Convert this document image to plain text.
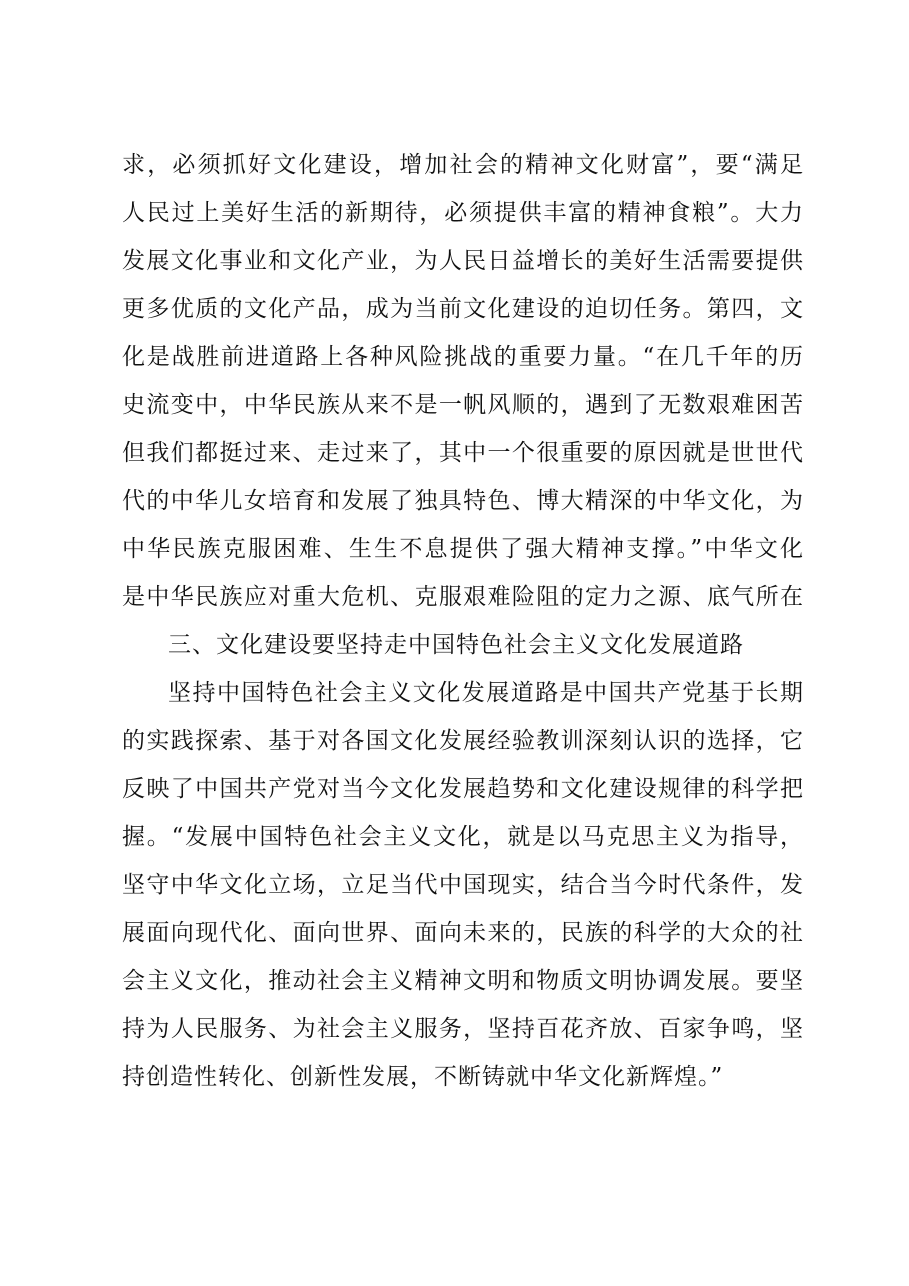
求，必须抓好文化建设，增加社会的精神文化财富”，要“满足
人民过上美好生活的新期待，必须提供丰富的精神食粮”。大力
发展文化事业和文化产业，为人民日益增长的美好生活需要提供
更多优质的文化产品，成为当前文化建设的迫切任务。第四，文
化是战胜前进道路上各种风险挑战的重要力量。“在几千年的历
史流变中，中华民族从来不是一帆风顺的，遇到了无数艰难困苦
但我们都挺过来、走过来了，其中一个很重要的原因就是世世代
代的中华儿女培育和发展了独具特色、博大精深的中华文化，为
中华民族克服困难、生生不息提供了强大精神支撑。”中华文化
是中华民族应对重大危机、克服艰难险阻的定力之源、底气所在
三、文化建设要坚持走中国特色社会主义文化发展道路
坚持中国特色社会主义文化发展道路是中国共产党基于长期
的实践探索、基于对各国文化发展经验教训深刻认识的选择，它
反映了中国共产党对当今文化发展趋势和文化建设规律的科学把
握。“发展中国特色社会主义文化，就是以马克思主义为指导，
坚守中华文化立场，立足当代中国现实，结合当今时代条件，发
展面向现代化、面向世界、面向未来的，民族的科学的大众的社
会主义文化，推动社会主义精神文明和物质文明协调发展。要坚
持为人民服务、为社会主义服务，坚持百花齐放、百家争鸣，坚
持创造性转化、创新性发展，不断铸就中华文化新辉煌。”
